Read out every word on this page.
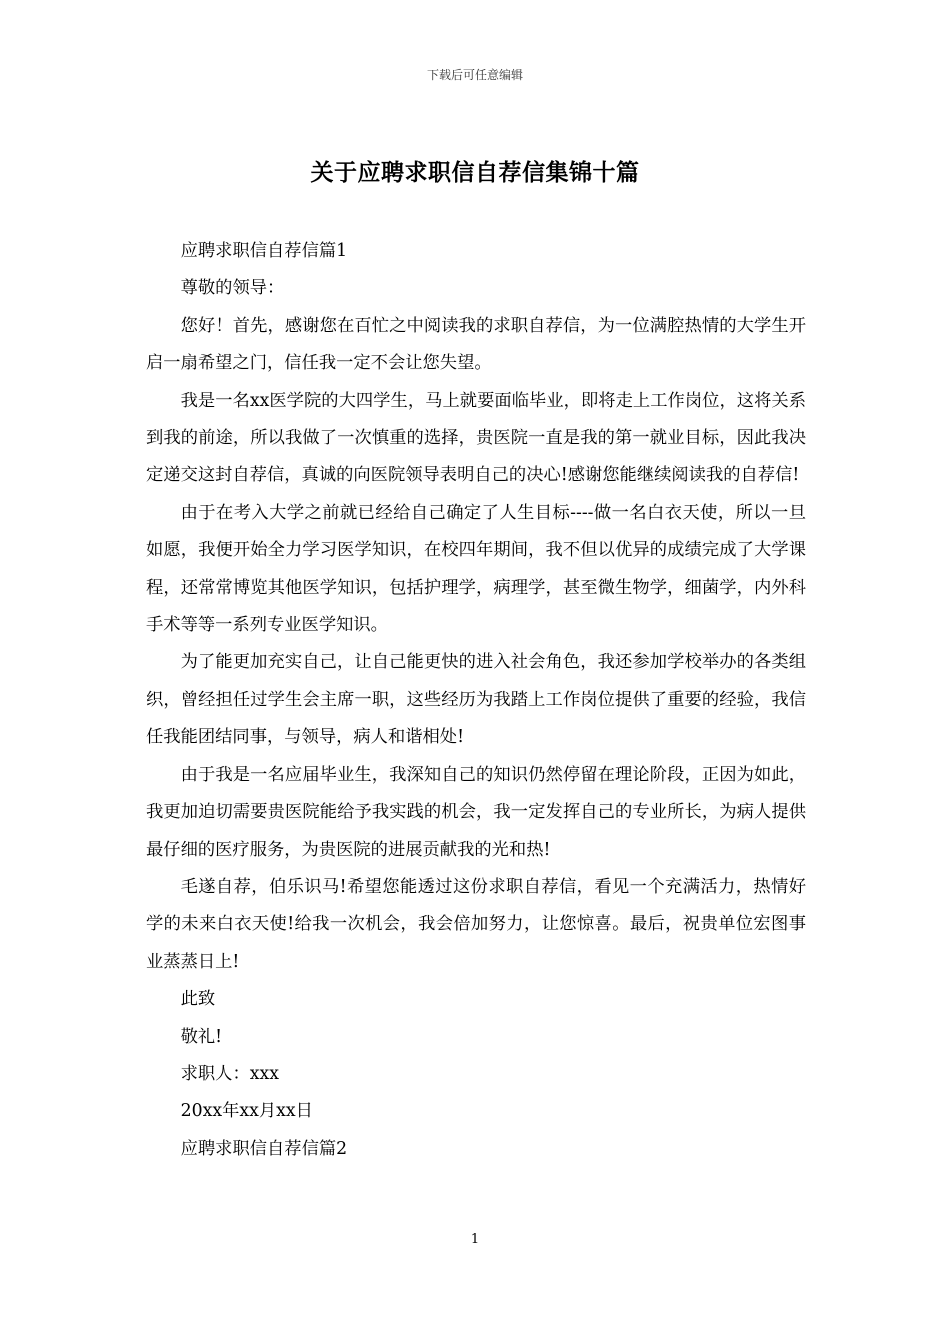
下载后可任意编辑
关于应聘求职信自荐信集锦十篇

应聘求职信自荐信篇1

尊敬的领导：

您好！首先，感谢您在百忙之中阅读我的求职自荐信，为一位满腔热情的大学生开启一扇希望之门，信任我一定不会让您失望。

我是一名xx医学院的大四学生，马上就要面临毕业，即将走上工作岗位，这将关系到我的前途，所以我做了一次慎重的选择，贵医院一直是我的第一就业目标，因此我决定递交这封自荐信，真诚的向医院领导表明自己的决心!感谢您能继续阅读我的自荐信!

由于在考入大学之前就已经给自己确定了人生目标----做一名白衣天使，所以一旦如愿，我便开始全力学习医学知识，在校四年期间，我不但以优异的成绩完成了大学课程，还常常博览其他医学知识，包括护理学，病理学，甚至微生物学，细菌学，内外科手术等等一系列专业医学知识。

为了能更加充实自己，让自己能更快的进入社会角色，我还参加学校举办的各类组织，曾经担任过学生会主席一职，这些经历为我踏上工作岗位提供了重要的经验，我信任我能团结同事，与领导，病人和谐相处!

由于我是一名应届毕业生，我深知自己的知识仍然停留在理论阶段，正因为如此，我更加迫切需要贵医院能给予我实践的机会，我一定发挥自己的专业所长，为病人提供最仔细的医疗服务，为贵医院的进展贡献我的光和热!

毛遂自荐，伯乐识马!希望您能透过这份求职自荐信，看见一个充满活力，热情好学的未来白衣天使!给我一次机会，我会倍加努力，让您惊喜。最后，祝贵单位宏图事业蒸蒸日上!

此致

敬礼!

求职人：xxx

20xx年xx月xx日

应聘求职信自荐信篇2

1
